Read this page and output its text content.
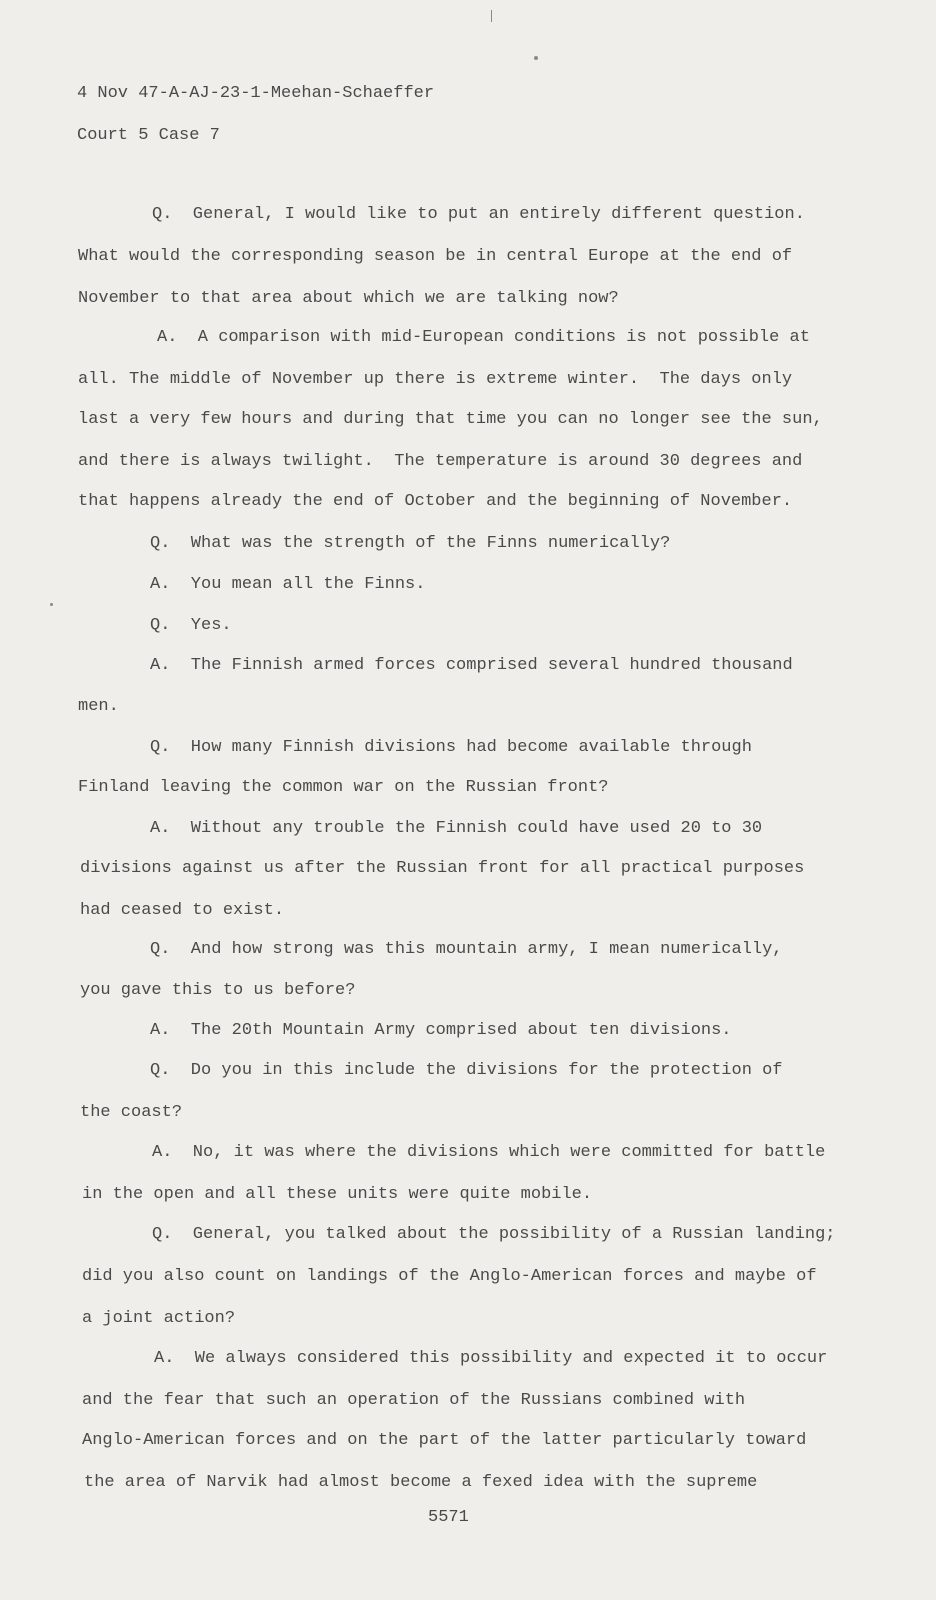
4 Nov 47-A-AJ-23-1-Meehan-Schaeffer
Court 5 Case 7
Q.  General, I would like to put an entirely different question.
What would the corresponding season be in central Europe at the end of
November to that area about which we are talking now?
A.  A comparison with mid-European conditions is not possible at
all. The middle of November up there is extreme winter.  The days only
last a very few hours and during that time you can no longer see the sun,
and there is always twilight.  The temperature is around 30 degrees and
that happens already the end of October and the beginning of November.
Q.  What was the strength of the Finns numerically?
A.  You mean all the Finns.
Q.  Yes.
A.  The Finnish armed forces comprised several hundred thousand
men.
Q.  How many Finnish divisions had become available through
Finland leaving the common war on the Russian front?
A.  Without any trouble the Finnish could have used 20 to 30
divisions against us after the Russian front for all practical purposes
had ceased to exist.
Q.  And how strong was this mountain army, I mean numerically,
you gave this to us before?
A.  The 20th Mountain Army comprised about ten divisions.
Q.  Do you in this include the divisions for the protection of
the coast?
A.  No, it was where the divisions which were committed for battle
in the open and all these units were quite mobile.
Q.  General, you talked about the possibility of a Russian landing;
did you also count on landings of the Anglo-American forces and maybe of
a joint action?
A.  We always considered this possibility and expected it to occur
and the fear that such an operation of the Russians combined with
Anglo-American forces and on the part of the latter particularly toward
the area of Narvik had almost become a fexed idea with the supreme
5571
